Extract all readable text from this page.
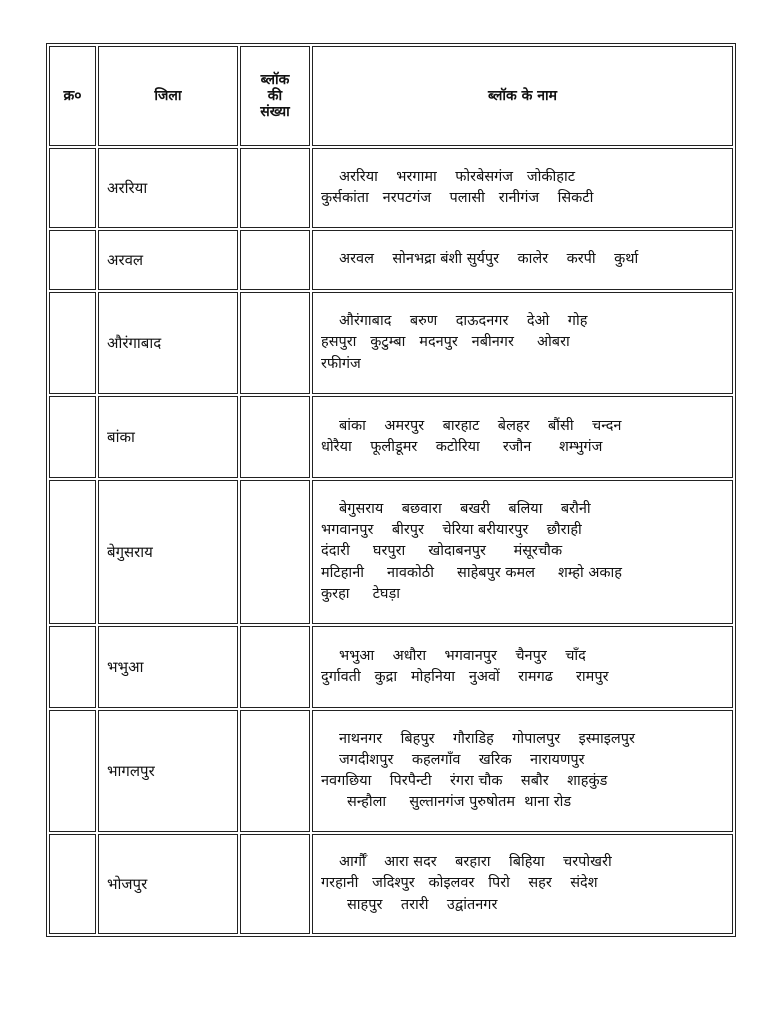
क्र०	जिला	ब्लॉक
की
संख्या	ब्लॉक के नाम
	अररिया		अररिया    भरगामा    फोरबेसगंज   जोकीहाट
कुर्सकांता   नरपटगंज    पलासी   रानीगंज    सिकटी

	अरवल		अरवल    सोनभद्रा बंशी सुर्यपुर    कालेर    करपी    कुर्था

	औरंगाबाद		औरंगाबाद    बरुण    दाऊदनगर    देओ    गोह
हसपुरा   कुटुम्बा   मदनपुर   नबीनगर     ओबरा
रफीगंज

	बांका		बांका    अमरपुर    बारहाट    बेलहर    बौंसी    चन्दन
धोरैया    फूलीडूमर    कटोरिया     रजौन      शम्भुगंज

	बेगुसराय		बेगुसराय    बछवारा    बखरी    बलिया    बरौनी
भगवानपुर    बीरपुर    चेरिया बरीयारपुर    छौराही
दंदारी     घरपुरा     खोदाबनपुर      मंसूरचौक
मटिहानी     नावकोठी     साहेबपुर कमल     शम्हो अकाह
कुरहा     टेघड़ा

	भभुआ		भभुआ    अधौरा    भगवानपुर    चैनपुर    चाँद
दुर्गावती   कुद्रा   मोहनिया   नुअवों    रामगढ     रामपुर

	भागलपुर		नाथनगर    बिहपुर    गौराडिह    गोपालपुर    इस्माइलपुर
जगदीशपुर    कहलगाँव    खरिक    नारायणपुर
नवगछिया    पिरपैन्टी    रंगरा चौक    सबौर    शाहकुंड
सन्हौला     सुल्तानगंज पुरुषोतम  थाना रोड

	भोजपुर		आर्गौँ    आरा सदर    बरहारा    बिहिया    चरपोखरी
गरहानी   जदिश्पुर   कोइलवर   पिरो    सहर    संदेश
साहपुर    तरारी    उद्वांतनगर
